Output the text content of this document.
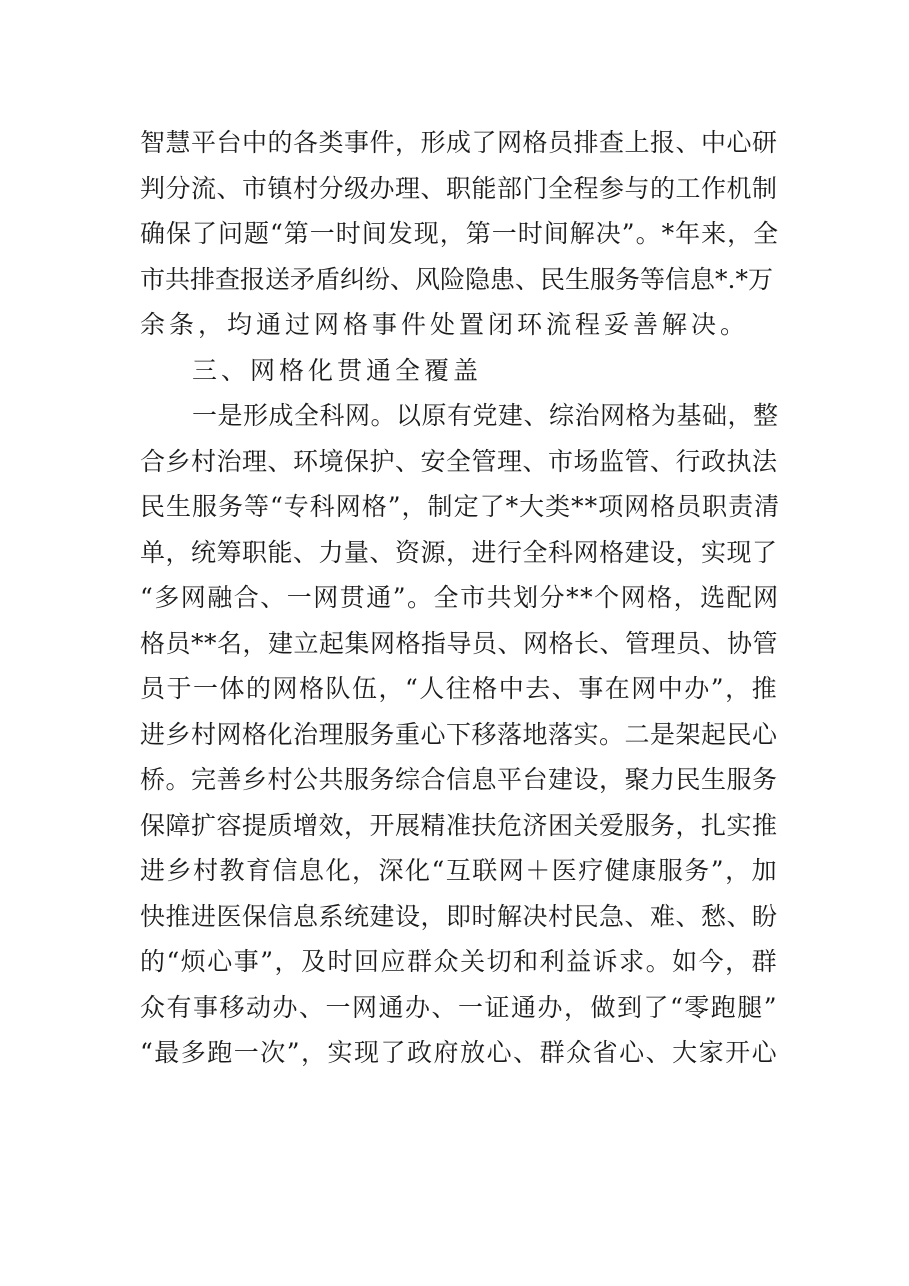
智慧平台中的各类事件，形成了网格员排查上报、中心研
判分流、市镇村分级办理、职能部门全程参与的工作机制
确保了问题“第一时间发现，第一时间解决”。*年来，全
市共排查报送矛盾纠纷、风险隐患、民生服务等信息*.*万
余条，均通过网格事件处置闭环流程妥善解决。
三、网格化贯通全覆盖
一是形成全科网。以原有党建、综治网格为基础，整
合乡村治理、环境保护、安全管理、市场监管、行政执法
民生服务等“专科网格”，制定了*大类**项网格员职责清
单，统筹职能、力量、资源，进行全科网格建设，实现了
“多网融合、一网贯通”。全市共划分**个网格，选配网
格员**名，建立起集网格指导员、网格长、管理员、协管
员于一体的网格队伍，“人往格中去、事在网中办”，推
进乡村网格化治理服务重心下移落地落实。二是架起民心
桥。完善乡村公共服务综合信息平台建设，聚力民生服务
保障扩容提质增效，开展精准扶危济困关爱服务，扎实推
进乡村教育信息化，深化“互联网＋医疗健康服务”，加
快推进医保信息系统建设，即时解决村民急、难、愁、盼
的“烦心事”，及时回应群众关切和利益诉求。如今，群
众有事移动办、一网通办、一证通办，做到了“零跑腿”
“最多跑一次”，实现了政府放心、群众省心、大家开心
